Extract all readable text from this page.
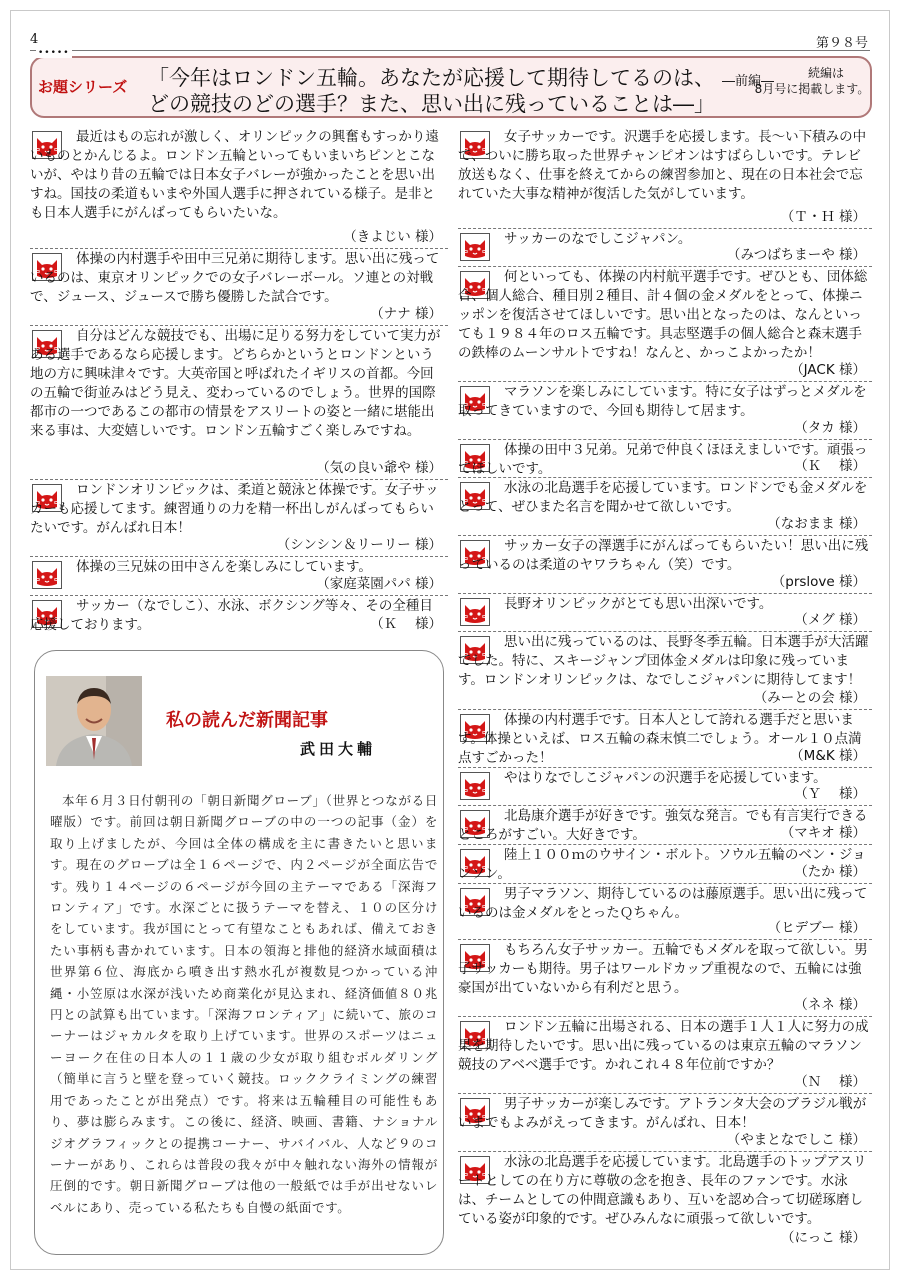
4	第９８号
•••••
お題シリーズ 「今年はロンドン五輪。あなたが応援して期待してるのは、
どの競技のどの選手？また、思い出に残っていることは―」
―前編―
続編は
8月号に掲載します。
最近はもの忘れが激しく、オリンピックの興奮もすっかり遠いものとかんじるよ。ロンドン五輪といってもいまいちピンとこないが、やはり昔の五輪では日本女子バレーが強かったことを思い出すね。国技の柔道もいまや外国人選手に押されている様子。是非とも日本人選手にがんばってもらいたいな。
（きよじい 様）
体操の内村選手や田中三兄弟に期待します。思い出に残っているのは、東京オリンピックでの女子バレーボール。ソ連との対戦で、ジュース、ジュースで勝ち優勝した試合です。
（ナナ 様）
自分はどんな競技でも、出場に足りる努力をしていて実力がある選手であるなら応援します。どちらかというとロンドンという地の方に興味津々です。大英帝国と呼ばれたイギリスの首都。今回の五輪で街並みはどう見え、変わっているのでしょう。世界的国際都市の一つであるこの都市の情景をアスリートの姿と一緒に堪能出来る事は、大変嬉しいです。ロンドン五輪すごく楽しみですね。
（気の良い爺や 様）
ロンドンオリンピックは、柔道と競泳と体操です。女子サッカーも応援してます。練習通りの力を精一杯出しがんばってもらいたいです。がんばれ日本！
（シンシン＆リーリー 様）
体操の三兄妹の田中さんを楽しみにしています。
（家庭菜園パパ 様）
サッカー（なでしこ）、水泳、ボクシング等々、その全種目応援しております。	（Ｋ　 様）
私の読んだ新聞記事
武田大輔
本年６月３日付朝刊の「朝日新聞グローブ」（世界とつながる日曜版）です。前回は朝日新聞グローブの中の一つの記事（金）を取り上げましたが、今回は全体の構成を主に書きたいと思います。現在のグローブは全１６ページで、内２ページが全面広告です。残り１４ページの６ページが今回の主テーマである「深海フロンティア」です。水深ごとに扱うテーマを替え、１０の区分けをしています。我が国にとって有望なこともあれば、備えておきたい事柄も書かれています。日本の領海と排他的経済水域面積は世界第６位、海底から噴き出す熱水孔が複数見つかっている沖縄・小笠原は水深が浅いため商業化が見込まれ、経済価値８０兆円との試算も出ています。「深海フロンティア」に続いて、旅のコーナーはジャカルタを取り上げています。世界のスポーツはニューヨーク在住の日本人の１１歳の少女が取り組むボルダリング（簡単に言うと壁を登っていく競技。ロッククライミングの練習用であったことが出発点）です。将来は五輪種目の可能性もあり、夢は膨らみます。この後に、経済、映画、書籍、ナショナルジオグラフィックとの提携コーナー、サバイバル、人など９のコーナーがあり、これらは普段の我々が中々触れない海外の情報が圧倒的です。朝日新聞グローブは他の一般紙では手が出せないレベルにあり、売っている私たちも自慢の紙面です。
女子サッカーです。沢選手を応援します。長～い下積みの中で、ついに勝ち取った世界チャンピオンはすばらしいです。テレビ放送もなく、仕事を終えてからの練習参加と、現在の日本社会で忘れていた大事な精神が復活した気がしています。
（Ｔ・Ｈ 様）
サッカーのなでしこジャパン。
（みつばちまーや 様）
何といっても、体操の内村航平選手です。ぜひとも、団体総合、個人総合、種目別２種目、計４個の金メダルをとって、体操ニッポンを復活させてほしいです。思い出となったのは、なんといっても１９８４年のロス五輪です。具志堅選手の個人総合と森末選手の鉄棒のムーンサルトですね！なんと、かっこよかったか！
（JACK 様）
マラソンを楽しみにしています。特に女子はずっとメダルを取ってきていますので、今回も期待して居ます。
（タカ 様）
体操の田中３兄弟。兄弟で仲良くほほえましいです。頑張ってほしいです。	（Ｋ　 様）
水泳の北島選手を応援しています。ロンドンでも金メダルをとって、ぜひまた名言を聞かせて欲しいです。
（なおまま 様）
サッカー女子の澤選手にがんばってもらいたい！思い出に残っているのは柔道のヤワラちゃん（笑）です。
（prslove 様）
長野オリンピックがとても思い出深いです。
（メグ 様）
思い出に残っているのは、長野冬季五輪。日本選手が大活躍でした。特に、スキージャンプ団体金メダルは印象に残っています。ロンドンオリンピックは、なでしこジャパンに期待してます！
（みーとの会 様）
体操の内村選手です。日本人として誇れる選手だと思います。体操といえば、ロス五輪の森末慎二でしょう。オール１０点満点すごかった！	（M&K 様）
やはりなでしこジャパンの沢選手を応援しています。
（Ｙ　 様）
北島康介選手が好きです。強気な発言。でも有言実行できるところがすごい。大好きです。	（マキオ 様）
陸上１００ｍのウサイン・ボルト。ソウル五輪のベン・ジョンソン。	（たか 様）
男子マラソン、期待しているのは藤原選手。思い出に残っているのは金メダルをとったＱちゃん。
（ヒデブー 様）
もちろん女子サッカー。五輪でもメダルを取って欲しい。男子サッカーも期待。男子はワールドカップ重視なので、五輪には強豪国が出ていないから有利だと思う。
（ネネ 様）
ロンドン五輪に出場される、日本の選手１人１人に努力の成果を期待したいです。思い出に残っているのは東京五輪のマラソン競技のアベベ選手です。かれこれ４８年位前ですか？
（Ｎ　 様）
男子サッカーが楽しみです。アトランタ大会のブラジル戦がいまでもよみがえってきます。がんばれ、日本！
（やまとなでしこ 様）
水泳の北島選手を応援しています。北島選手のトップアスリートとしての在り方に尊敬の念を抱き、長年のファンです。水泳は、チームとしての仲間意識もあり、互いを認め合って切磋琢磨している姿が印象的です。ぜひみんなに頑張って欲しいです。
（にっこ 様）
